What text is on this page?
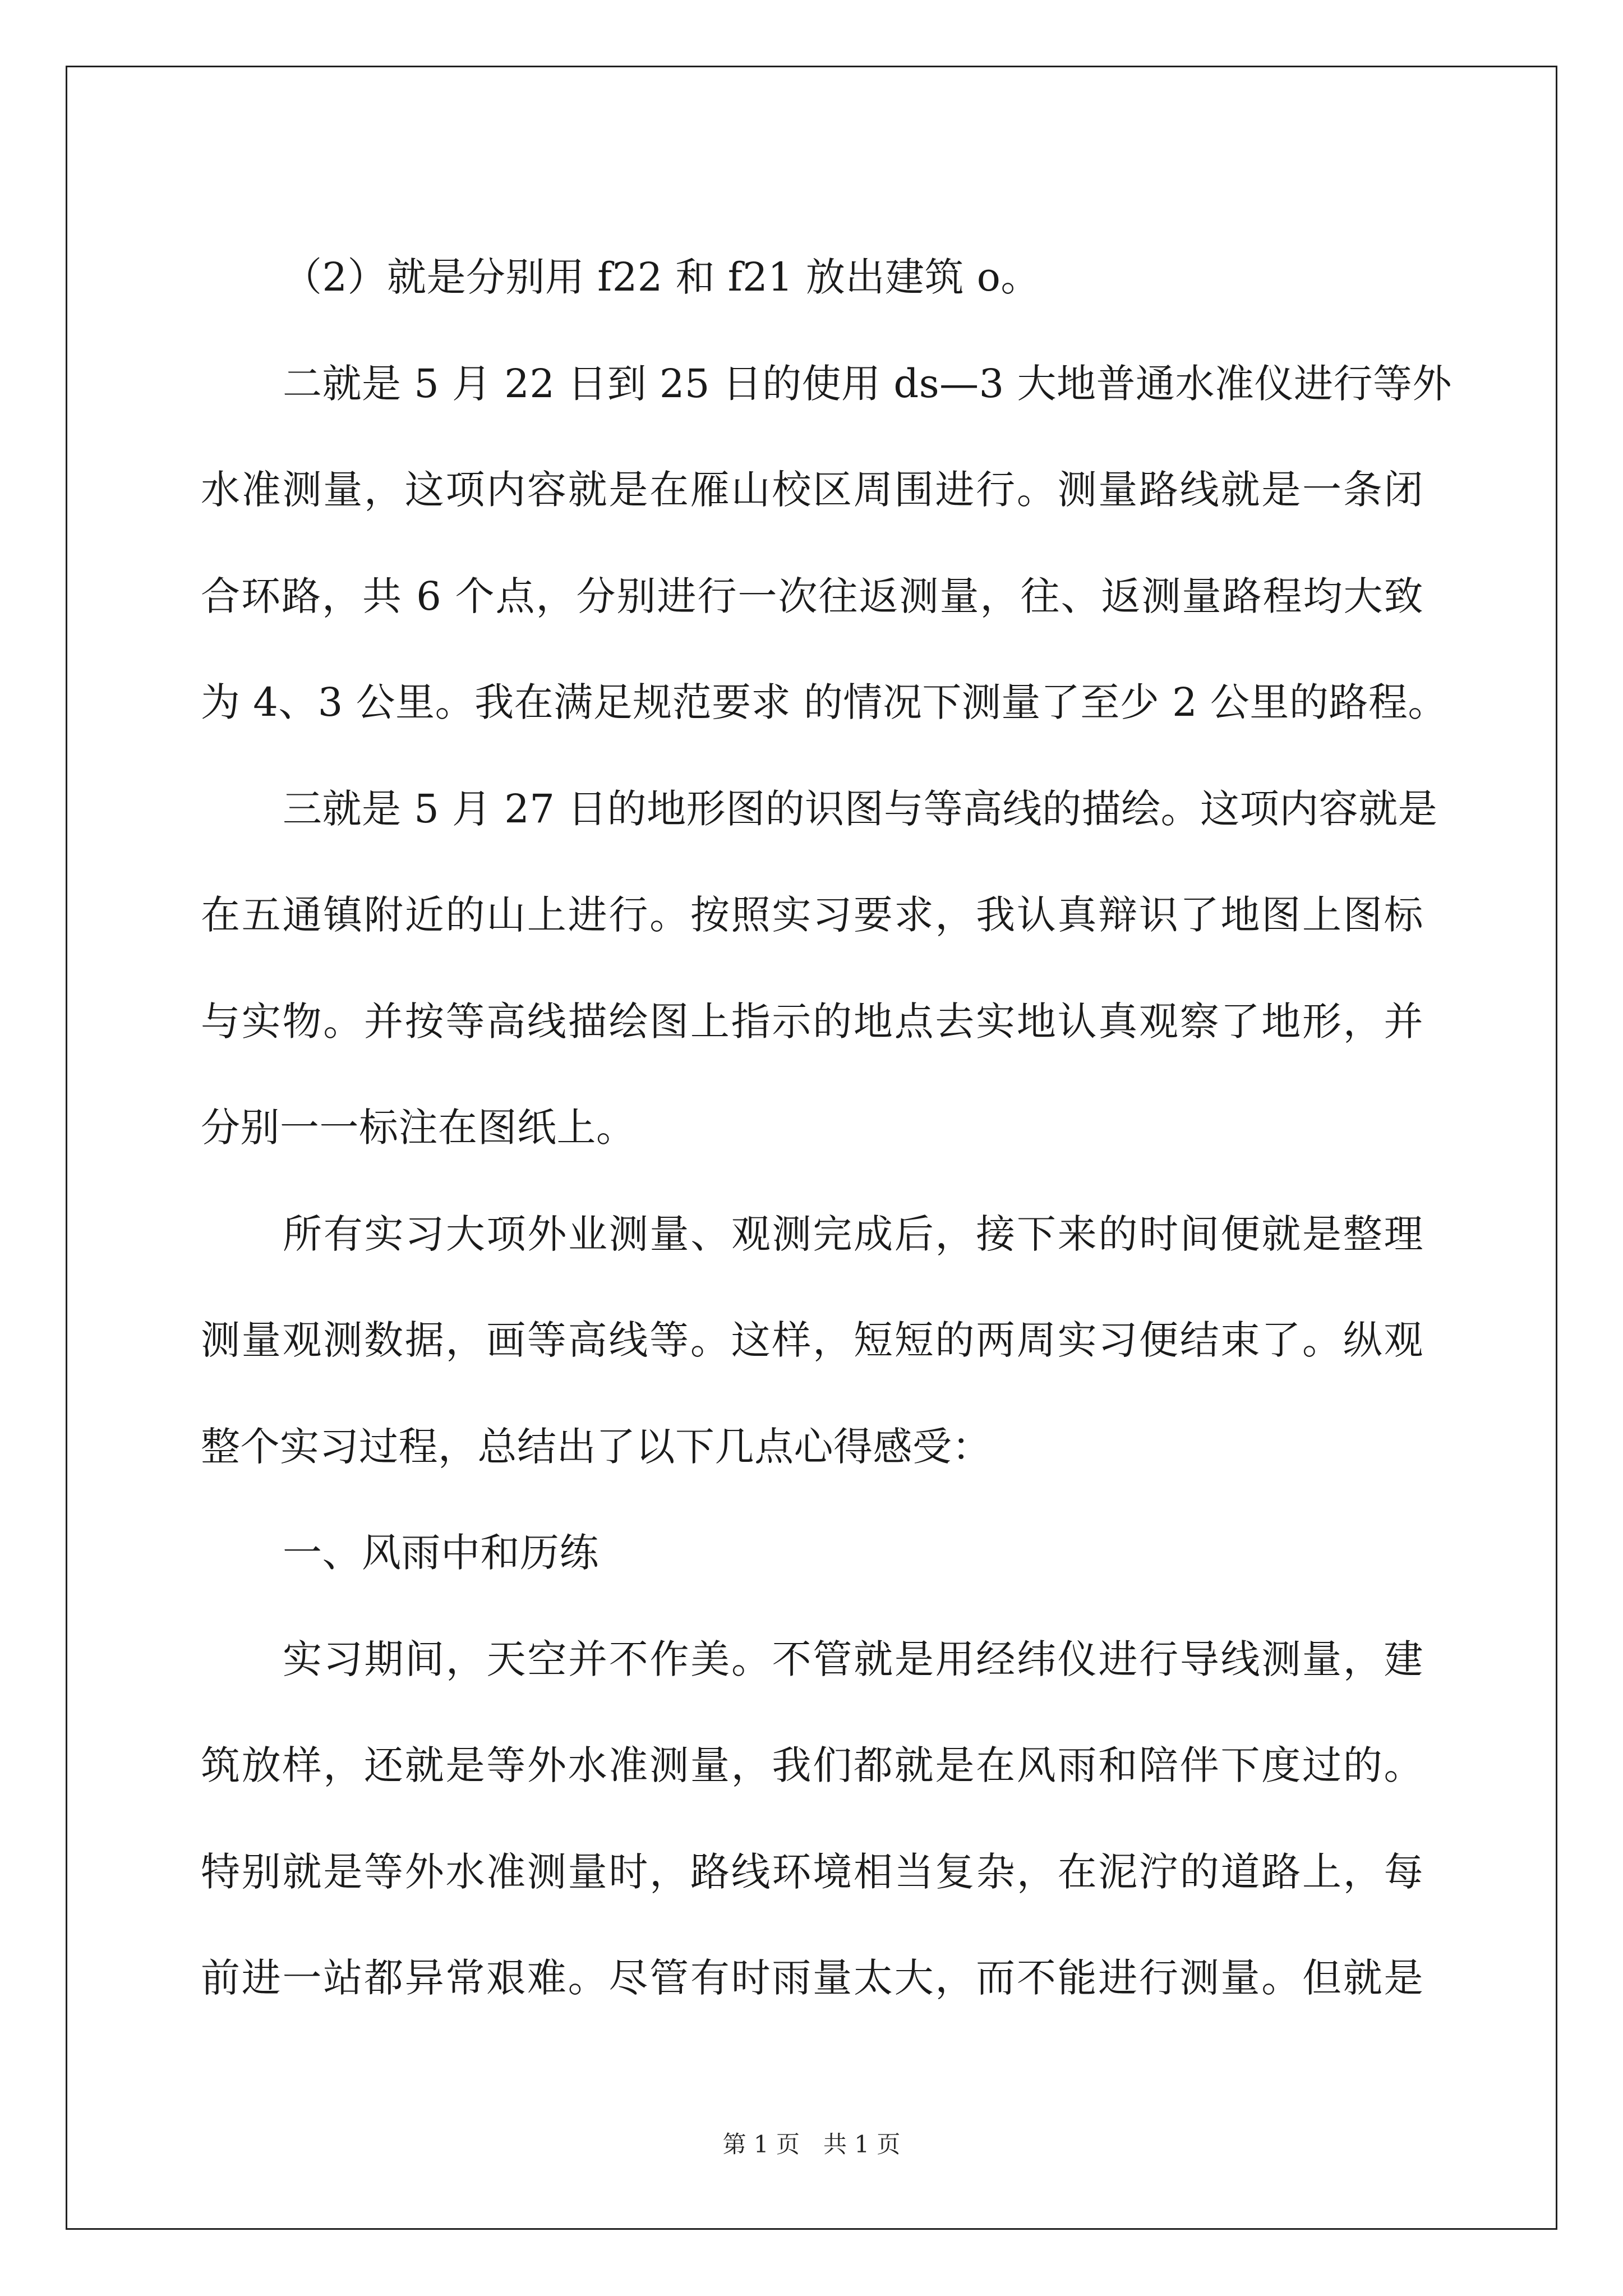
（2）就是分别用 f22 和 f21 放出建筑 o。
二就是 5 月 22 日到 25 日的使用 ds—3 大地普通水准仪进行等外
水准测量，这项内容就是在雁山校区周围进行。测量路线就是一条闭
合环路，共 6 个点，分别进行一次往返测量，往、返测量路程均大致
为 4、3 公里。我在满足规范要求 的情况下测量了至少 2 公里的路程。
三就是 5 月 27 日的地形图的识图与等高线的描绘。这项内容就是
在五通镇附近的山上进行。按照实习要求，我认真辩识了地图上图标
与实物。并按等高线描绘图上指示的地点去实地认真观察了地形，并
分别一一标注在图纸上。
所有实习大项外业测量、观测完成后，接下来的时间便就是整理
测量观测数据，画等高线等。这样，短短的两周实习便结束了。纵观
整个实习过程，总结出了以下几点心得感受：
一、风雨中和历练
实习期间，天空并不作美。不管就是用经纬仪进行导线测量，建
筑放样，还就是等外水准测量，我们都就是在风雨和陪伴下度过的。
特别就是等外水准测量时，路线环境相当复杂，在泥泞的道路上，每
前进一站都异常艰难。尽管有时雨量太大，而不能进行测量。但就是
第 1 页　共 1 页
